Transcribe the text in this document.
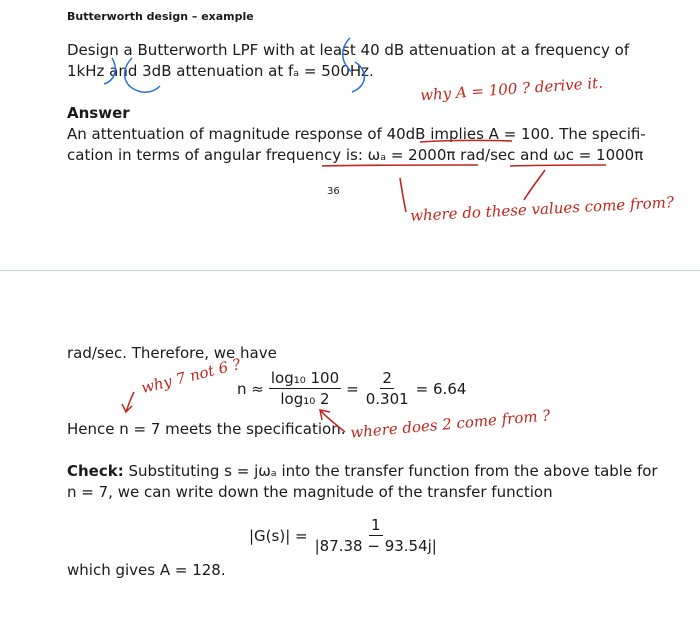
Butterworth design – example
Design a Butterworth LPF with at least 40 dB attenuation at a frequency of
1kHz and 3dB attenuation at fₐ = 500Hz.
Answer
An attentuation of magnitude response of 40dB implies A = 100. The specifi-
cation in terms of angular frequency is: ωₐ = 2000π rad/sec and ωc = 1000π
36
rad/sec. Therefore, we have
$n \approx \frac{\text{log₁₀ 100}}{\text{log₁₀ 2}} = \frac{2}{0.301} = 6.64$
Hence n = 7 meets the specification.
Check: Substituting s = jωₐ into the transfer function from the above table for
n = 7, we can write down the magnitude of the transfer function
$|G(s)| = \frac{1}{|87.38 - 93.54j|}$
which gives A = 128.
why A = 100 ? derive it.
where do these values come from?
why 7 not 6 ?
where does 2 come from ?
